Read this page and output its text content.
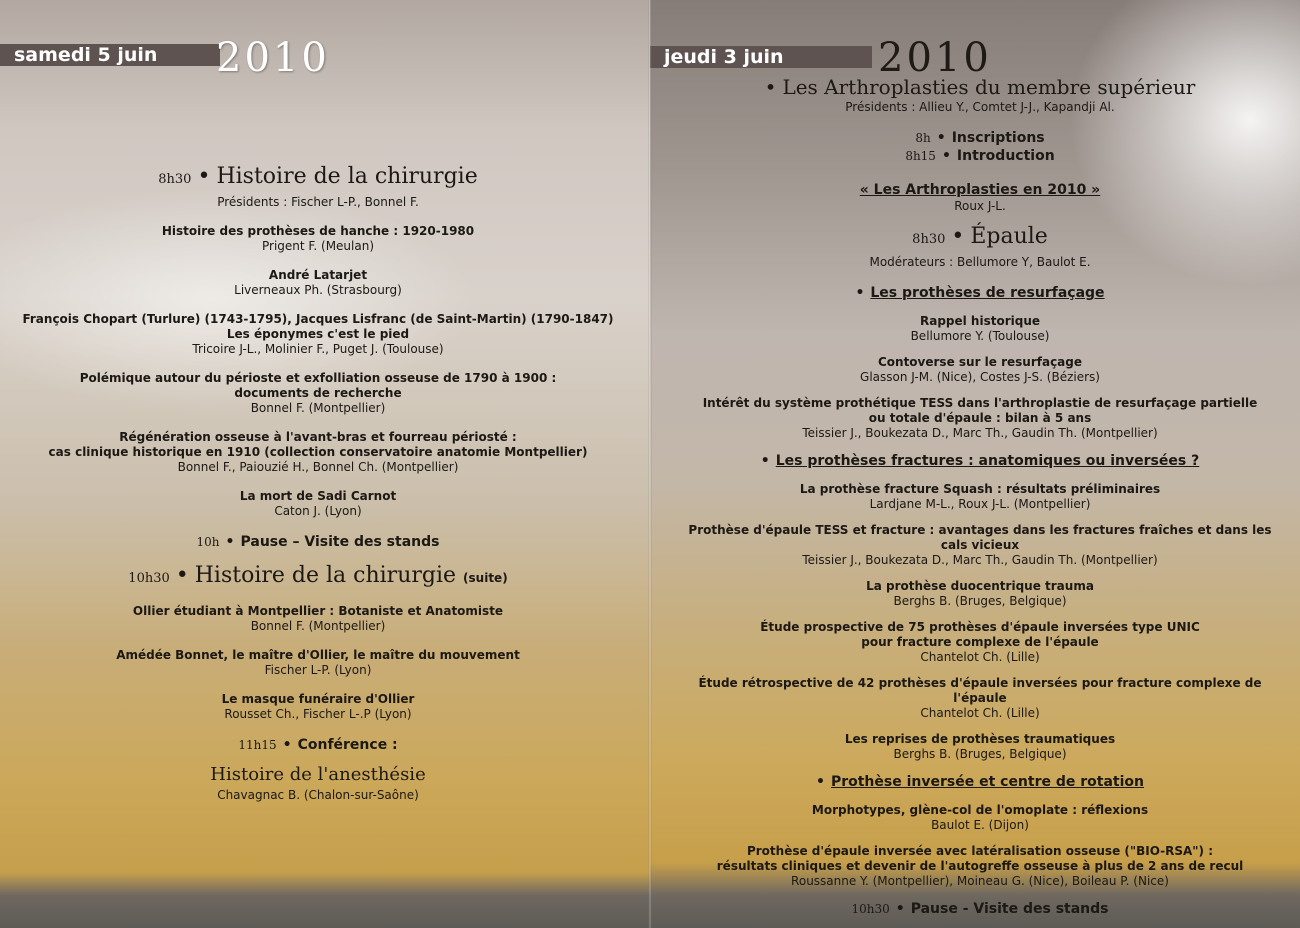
samedi 5 juin	2010

8h30 • Histoire de la chirurgie

Présidents : Fischer L-P., Bonnel F.

Histoire des prothèses de hanche : 1920-1980

Prigent F. (Meulan)

André Latarjet

Liverneaux Ph. (Strasbourg)

François Chopart (Turlure) (1743-1795), Jacques Lisfranc (de Saint-Martin) (1790-1847)

Les éponymes c'est le pied

Tricoire J-L., Molinier F., Puget J. (Toulouse)

Polémique autour du périoste et exfolliation osseuse de 1790 à 1900 :

documents de recherche

Bonnel F. (Montpellier)

Régénération osseuse à l'avant-bras et fourreau périosté :

cas clinique historique en 1910 (collection conservatoire anatomie Montpellier)

Bonnel F., Paiouzié H., Bonnel Ch. (Montpellier)

La mort de Sadi Carnot

Caton J. (Lyon)

10h • Pause – Visite des stands

10h30 • Histoire de la chirurgie (suite)

Ollier étudiant à Montpellier : Botaniste et Anatomiste

Bonnel F. (Montpellier)

Amédée Bonnet, le maître d'Ollier, le maître du mouvement

Fischer L-P. (Lyon)

Le masque funéraire d'Ollier

Rousset Ch., Fischer L-.P (Lyon)

11h15 • Conférence :

Histoire de l'anesthésie

Chavagnac B. (Chalon-sur-Saône)

jeudi 3 juin	2010

• Les Arthroplasties du membre supérieur

Présidents : Allieu Y., Comtet J-J., Kapandji Al.

8h • Inscriptions

8h15 • Introduction

« Les Arthroplasties en 2010 »

Roux J-L.

8h30 • Épaule

Modérateurs : Bellumore Y, Baulot E.

• Les prothèses de resurfaçage

Rappel historique

Bellumore Y. (Toulouse)

Contoverse sur le resurfaçage

Glasson J-M. (Nice), Costes J-S. (Béziers)

Intérêt du système prothétique TESS dans l'arthroplastie de resurfaçage partielle

ou totale d'épaule : bilan à 5 ans

Teissier J., Boukezata D., Marc Th., Gaudin Th. (Montpellier)

• Les prothèses fractures : anatomiques ou inversées ?

La prothèse fracture Squash : résultats préliminaires

Lardjane M-L., Roux J-L. (Montpellier)

Prothèse d'épaule TESS et fracture : avantages dans les fractures fraîches et dans les cals vicieux

Teissier J., Boukezata D., Marc Th., Gaudin Th. (Montpellier)

La prothèse duocentrique trauma

Berghs B. (Bruges, Belgique)

Étude prospective de 75 prothèses d'épaule inversées type UNIC

pour fracture complexe de l'épaule

Chantelot Ch. (Lille)

Étude rétrospective de 42 prothèses d'épaule inversées pour fracture complexe de l'épaule

Chantelot Ch. (Lille)

Les reprises de prothèses traumatiques

Berghs B. (Bruges, Belgique)

• Prothèse inversée et centre de rotation

Morphotypes, glène-col de l'omoplate : réflexions

Baulot E. (Dijon)

Prothèse d'épaule inversée avec latéralisation osseuse ("BIO-RSA") :

résultats cliniques et devenir de l'autogreffe osseuse à plus de 2 ans de recul

Roussanne Y. (Montpellier), Moineau G. (Nice), Boileau P. (Nice)

10h30 • Pause - Visite des stands
